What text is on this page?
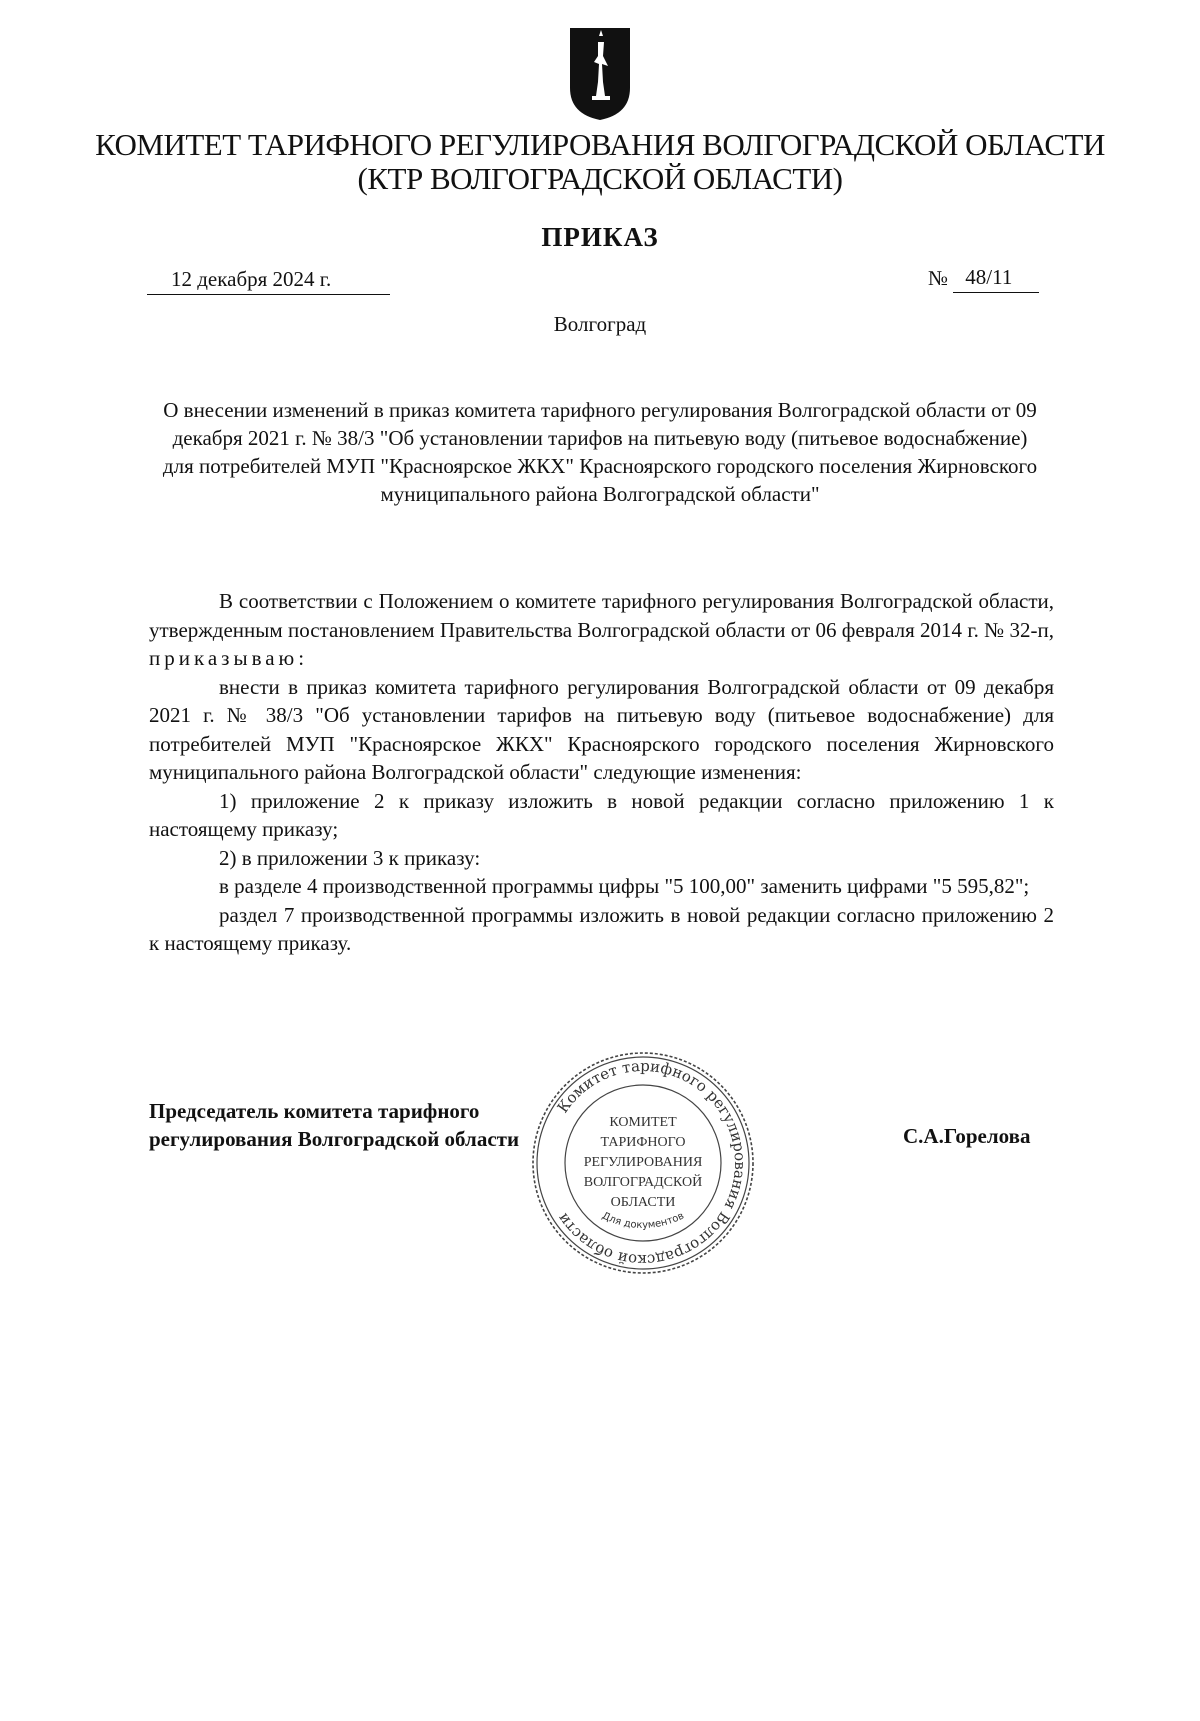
КОМИТЕТ ТАРИФНОГО РЕГУЛИРОВАНИЯ ВОЛГОГРАДСКОЙ ОБЛАСТИ
(КТР ВОЛГОГРАДСКОЙ ОБЛАСТИ)
ПРИКАЗ
12 декабря 2024 г.	№ 48/11
Волгоград
О внесении изменений в приказ комитета тарифного регулирования Волгоградской области от 09 декабря 2021 г. № 38/3 "Об установлении тарифов на питьевую воду (питьевое водоснабжение) для потребителей МУП "Красноярское ЖКХ" Красноярского городского поселения Жирновского муниципального района Волгоградской области"

В соответствии с Положением о комитете тарифного регулирования Волгоградской области, утвержденным постановлением Правительства Волгоградской области от 06 февраля 2014 г. № 32-п, приказываю:

внести в приказ комитета тарифного регулирования Волгоградской области от 09 декабря 2021 г. № 38/3 "Об установлении тарифов на питьевую воду (питьевое водоснабжение) для потребителей МУП "Красноярское ЖКХ" Красноярского городского поселения Жирновского муниципального района Волгоградской области" следующие изменения:

1) приложение 2 к приказу изложить в новой редакции согласно приложению 1 к настоящему приказу;

2) в приложении 3 к приказу:

в разделе 4 производственной программы цифры "5 100,00" заменить цифрами "5 595,82";

раздел 7 производственной программы изложить в новой редакции согласно приложению 2 к настоящему приказу.

Председатель комитета тарифного
регулирования Волгоградской области	С.А.Горелова
Комитет тарифного регулирования Волгоградской области
КОМИТЕТ
ТАРИФНОГО
РЕГУЛИРОВАНИЯ
ВОЛГОГРАДСКОЙ
ОБЛАСТИ
Для документов
